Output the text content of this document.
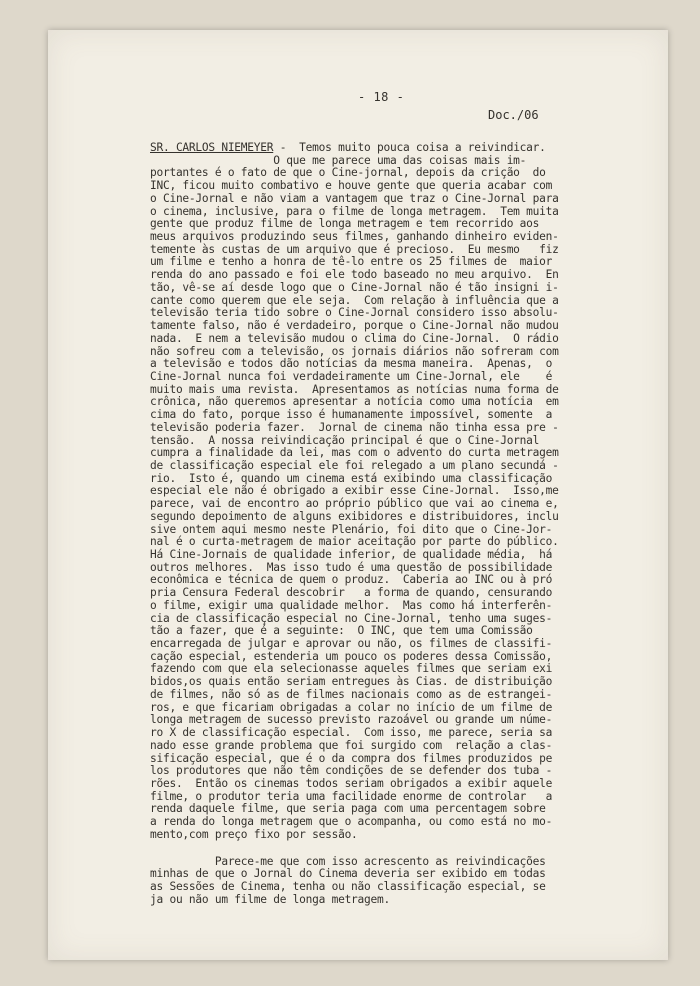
- 18 -
Doc./06
SR. CARLOS NIEMEYER -  Temos muito pouca coisa a reivindicar.
O que me parece uma das coisas mais im-
portantes é o fato de que o Cine-jornal, depois da crição  do
INC, ficou muito combativo e houve gente que queria acabar com
o Cine-Jornal e não viam a vantagem que traz o Cine-Jornal para
o cinema, inclusive, para o filme de longa metragem.  Tem muita
gente que produz filme de longa metragem e tem recorrido aos
meus arquivos produzindo seus filmes, ganhando dinheiro eviden-
temente às custas de um arquivo que é precioso.  Eu mesmo   fiz
um filme e tenho a honra de tê-lo entre os 25 filmes de  maior
renda do ano passado e foi ele todo baseado no meu arquivo.  En
tão, vê-se aí desde logo que o Cine-Jornal não é tão insigni i-
cante como querem que ele seja.  Com relação à influência que a
televisão teria tido sobre o Cine-Jornal considero isso absolu-
tamente falso, não é verdadeiro, porque o Cine-Jornal não mudou
nada.  E nem a televisão mudou o clima do Cine-Jornal.  O rádio
não sofreu com a televisão, os jornais diários não sofreram com
a televisão e todos dão notícias da mesma maneira.  Apenas,  o
Cine-Jornal nunca foi verdadeiramente um Cine-Jornal, ele    é
muito mais uma revista.  Apresentamos as notícias numa forma de
crônica, não queremos apresentar a notícia como uma notícia  em
cima do fato, porque isso é humanamente impossível, somente  a
televisão poderia fazer.  Jornal de cinema não tinha essa pre -
tensão.  A nossa reivindicação principal é que o Cine-Jornal
cumpra a finalidade da lei, mas com o advento do curta metragem
de classificação especial ele foi relegado a um plano secundá -
rio.  Isto é, quando um cinema está exibindo uma classificação
especial ele não é obrigado a exibir esse Cine-Jornal.  Isso,me
parece, vai de encontro ao próprio público que vai ao cinema e,
segundo depoimento de alguns exibidores e distribuidores, inclu
sive ontem aqui mesmo neste Plenário, foi dito que o Cine-Jor-
nal é o curta-metragem de maior aceitação por parte do público.
Há Cine-Jornais de qualidade inferior, de qualidade média,  há
outros melhores.  Mas isso tudo é uma questão de possibilidade
econômica e técnica de quem o produz.  Caberia ao INC ou à pró
pria Censura Federal descobrir   a forma de quando, censurando
o filme, exigir uma qualidade melhor.  Mas como há interferên-
cia de classificação especial no Cine-Jornal, tenho uma suges-
tão a fazer, que é a seguinte:  O INC, que tem uma Comissão
encarregada de julgar e aprovar ou não, os filmes de classifi-
cação especial, estenderia um pouco os poderes dessa Comissão,
fazendo com que ela selecionasse aqueles filmes que seriam exi
bidos,os quais então seriam entregues às Cias. de distribuição
de filmes, não só as de filmes nacionais como as de estrangei-
ros, e que ficariam obrigadas a colar no início de um filme de
longa metragem de sucesso previsto razoável ou grande um núme-
ro X de classificação especial.  Com isso, me parece, seria sa
nado esse grande problema que foi surgido com  relação a clas-
sificação especial, que é o da compra dos filmes produzidos pe
los produtores que não têm condições de se defender dos tuba -
rões.  Então os cinemas todos seriam obrigados a exibir aquele
filme, o produtor teria uma facilidade enorme de controlar   a
renda daquele filme, que seria paga com uma percentagem sobre
a renda do longa metragem que o acompanha, ou como está no mo-
mento,com preço fixo por sessão.
Parece-me que com isso acrescento as reivindicações
minhas de que o Jornal do Cinema deveria ser exibido em todas
as Sessões de Cinema, tenha ou não classificação especial, se
ja ou não um filme de longa metragem.
